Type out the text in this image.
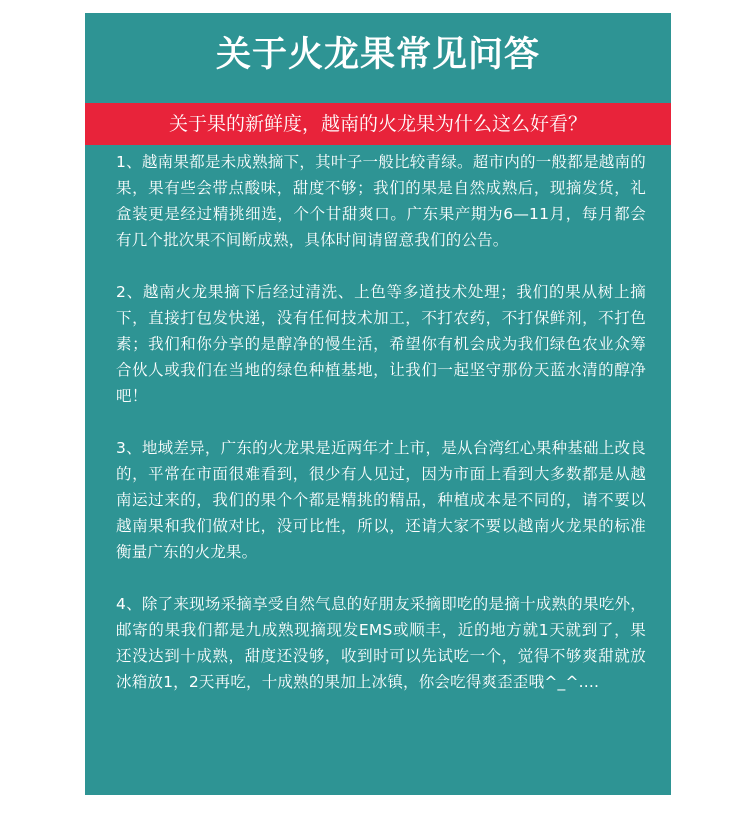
关于火龙果常见问答
关于果的新鲜度，越南的火龙果为什么这么好看？

1、越南果都是未成熟摘下，其叶子一般比较青绿。超市内的一般都是越南的果，果有些会带点酸味，甜度不够；我们的果是自然成熟后，现摘发货，礼盒装更是经过精挑细选，个个甘甜爽口。广东果产期为6—11月，每月都会有几个批次果不间断成熟，具体时间请留意我们的公告。

2、越南火龙果摘下后经过清洗、上色等多道技术处理；我们的果从树上摘下，直接打包发快递，没有任何技术加工，不打农药，不打保鲜剂，不打色素；我们和你分享的是醇净的慢生活，希望你有机会成为我们绿色农业众筹合伙人或我们在当地的绿色种植基地，让我们一起坚守那份天蓝水清的醇净吧！

3、地域差异，广东的火龙果是近两年才上市，是从台湾红心果种基础上改良的，平常在市面很难看到，很少有人见过，因为市面上看到大多数都是从越南运过来的，我们的果个个都是精挑的精品，种植成本是不同的，请不要以越南果和我们做对比，没可比性，所以，还请大家不要以越南火龙果的标准衡量广东的火龙果。

4、除了来现场采摘享受自然气息的好朋友采摘即吃的是摘十成熟的果吃外，邮寄的果我们都是九成熟现摘现发EMS或顺丰，近的地方就1天就到了，果还没达到十成熟，甜度还没够，收到时可以先试吃一个，觉得不够爽甜就放冰箱放1，2天再吃，十成熟的果加上冰镇，你会吃得爽歪歪哦^_^....
